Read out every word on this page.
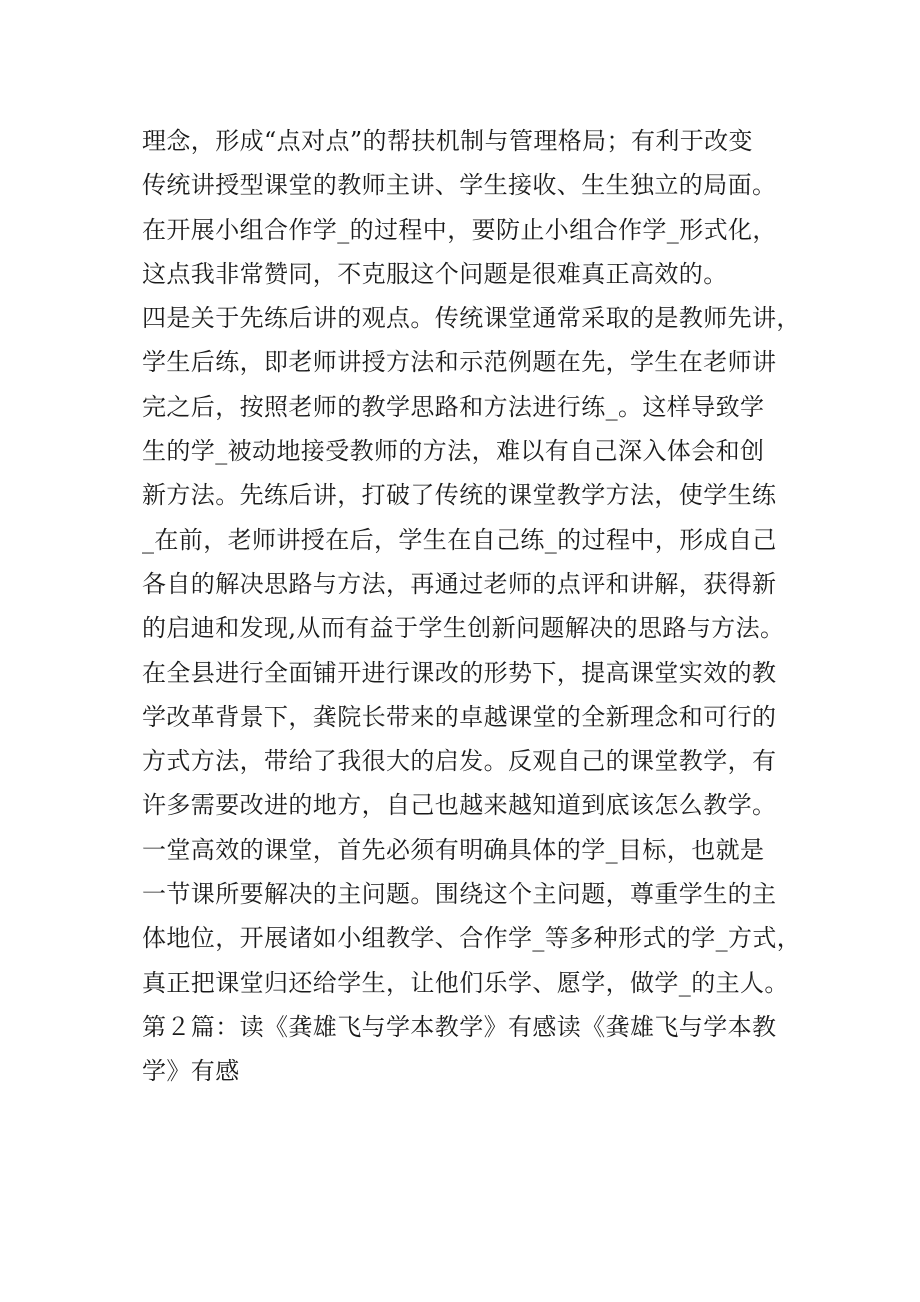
理念，形成“点对点”的帮扶机制与管理格局；有利于改变
传统讲授型课堂的教师主讲、学生接收、生生独立的局面。
在开展小组合作学_的过程中，要防止小组合作学_形式化，
这点我非常赞同，不克服这个问题是很难真正高效的。
四是关于先练后讲的观点。传统课堂通常采取的是教师先讲，
学生后练，即老师讲授方法和示范例题在先，学生在老师讲
完之后，按照老师的教学思路和方法进行练_。这样导致学
生的学_被动地接受教师的方法，难以有自己深入体会和创
新方法。先练后讲，打破了传统的课堂教学方法，使学生练
_在前，老师讲授在后，学生在自己练_的过程中，形成自己
各自的解决思路与方法，再通过老师的点评和讲解，获得新
的启迪和发现,从而有益于学生创新问题解决的思路与方法。
在全县进行全面铺开进行课改的形势下，提高课堂实效的教
学改革背景下，龚院长带来的卓越课堂的全新理念和可行的
方式方法，带给了我很大的启发。反观自己的课堂教学，有
许多需要改进的地方，自己也越来越知道到底该怎么教学。
一堂高效的课堂，首先必须有明确具体的学_目标，也就是
一节课所要解决的主问题。围绕这个主问题，尊重学生的主
体地位，开展诸如小组教学、合作学_等多种形式的学_方式，
真正把课堂归还给学生，让他们乐学、愿学，做学_的主人。
第２篇：读《龚雄飞与学本教学》有感读《龚雄飞与学本教
学》有感
